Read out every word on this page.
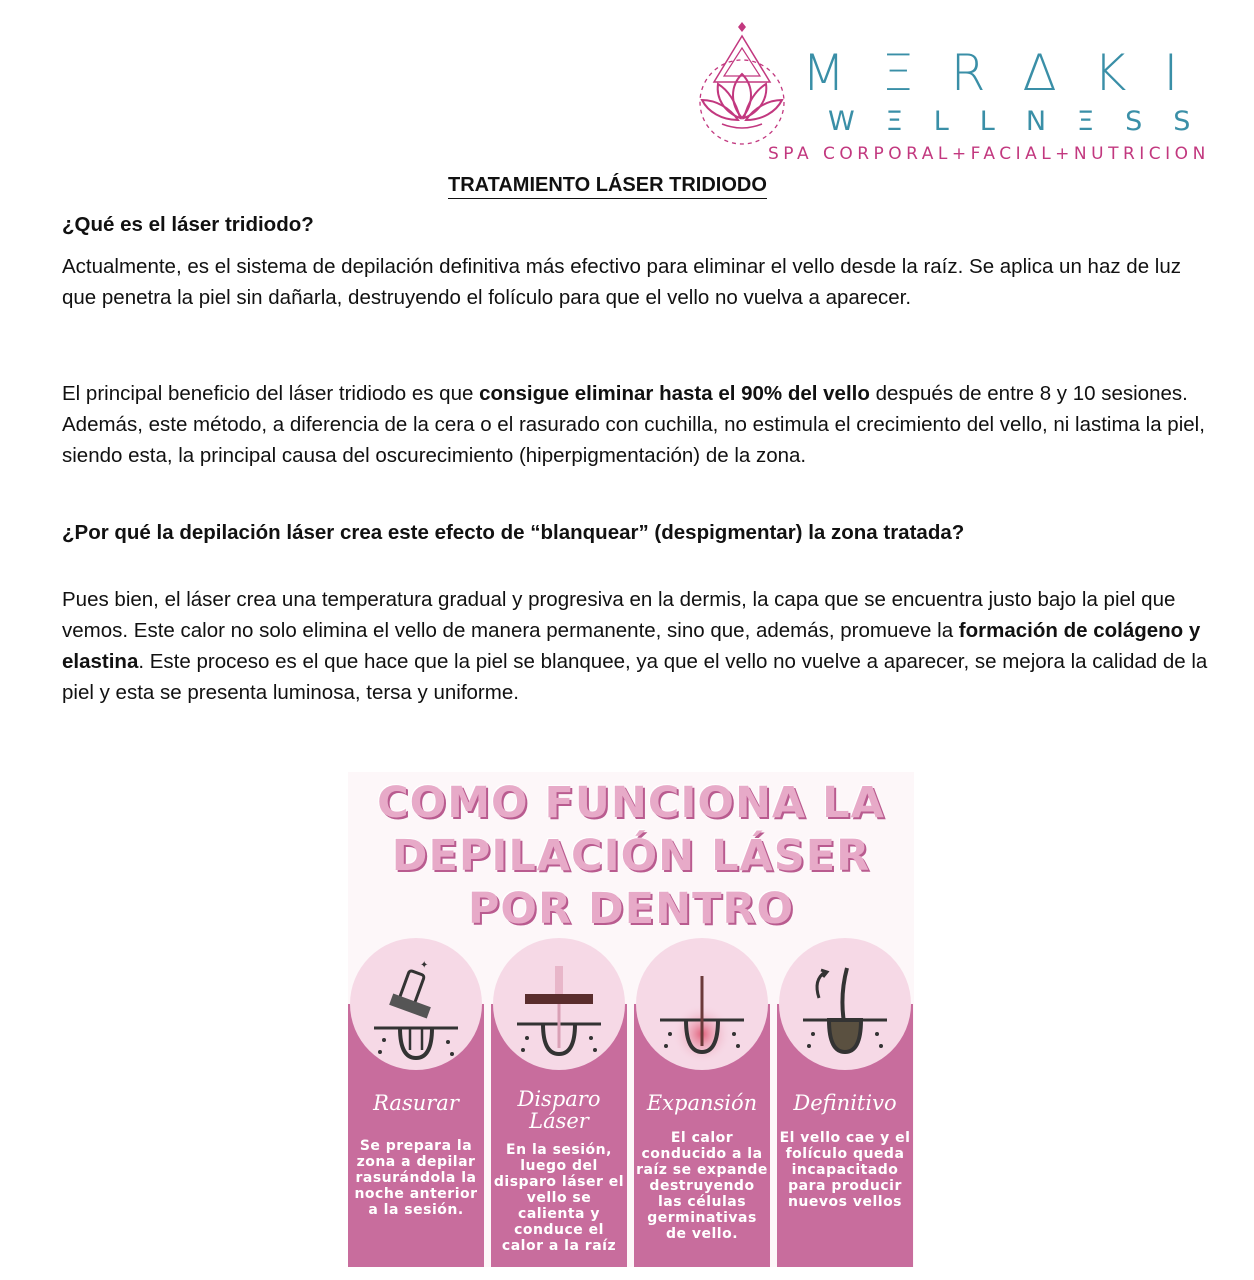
MΞRΔKI
WΞLLNΞSS
SPA CORPORAL+FACIAL+NUTRICION
TRATAMIENTO LÁSER TRIDIODO
¿Qué es el láser tridiodo?

Actualmente, es el sistema de depilación definitiva más efectivo para eliminar el vello desde la raíz. Se aplica un haz de luz que penetra la piel sin dañarla, destruyendo el folículo para que el vello no vuelva a aparecer.

El principal beneficio del láser tridiodo es que consigue eliminar hasta el 90% del vello después de entre 8 y 10 sesiones. Además, este método, a diferencia de la cera o el rasurado con cuchilla, no estimula el crecimiento del vello, ni lastima la piel, siendo esta, la principal causa del oscurecimiento (hiperpigmentación) de la zona.

¿Por qué la depilación láser crea este efecto de “blanquear” (despigmentar) la zona tratada?

Pues bien, el láser crea una temperatura gradual y progresiva en la dermis, la capa que se encuentra justo bajo la piel que vemos. Este calor no solo elimina el vello de manera permanente, sino que, además, promueve la formación de colágeno y elastina. Este proceso es el que hace que la piel se blanquee, ya que el vello no vuelve a aparecer, se mejora la calidad de la piel y esta se presenta luminosa, tersa y uniforme.

COMO FUNCIONA LA
DEPILACIÓN LÁSER
POR DENTRO
✦
Rasurar
Se prepara la zona a depilar rasurándola la noche anterior a la sesión.
Disparo Láser
En la sesión, luego del disparo láser el vello se calienta y conduce el calor a la raíz
Expansión
El calor conducido a la raíz se expande destruyendo las células germinativas de vello.
Definitivo
El vello cae y el folículo queda incapacitado para producir nuevos vellos
